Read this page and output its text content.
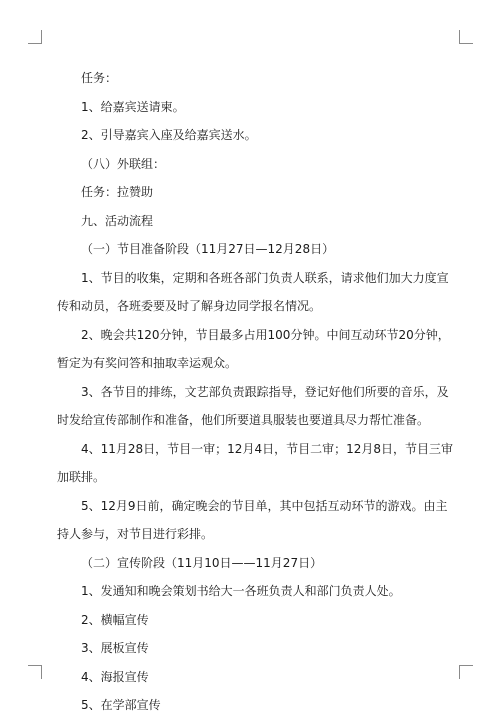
任务：

1、给嘉宾送请柬。

2、引导嘉宾入座及给嘉宾送水。

（八）外联组：

任务：拉赞助

九、活动流程

（一）节目准备阶段（11月27日—12月28日）

1、节目的收集，定期和各班各部门负责人联系，请求他们加大力度宣传和动员，各班委要及时了解身边同学报名情况。

2、晚会共120分钟，节目最多占用100分钟。中间互动环节20分钟，暂定为有奖问答和抽取幸运观众。

3、各节目的排练，文艺部负责跟踪指导，登记好他们所要的音乐，及时发给宣传部制作和准备，他们所要道具服装也要道具尽力帮忙准备。

4、11月28日，节目一审；12月4日，节目二审；12月8日，节目三审加联排。

5、12月9日前，确定晚会的节目单，其中包括互动环节的游戏。由主持人参与，对节目进行彩排。

（二）宣传阶段（11月10日——11月27日）

1、发通知和晚会策划书给大一各班负责人和部门负责人处。

2、横幅宣传

3、展板宣传

4、海报宣传

5、在学部宣传
